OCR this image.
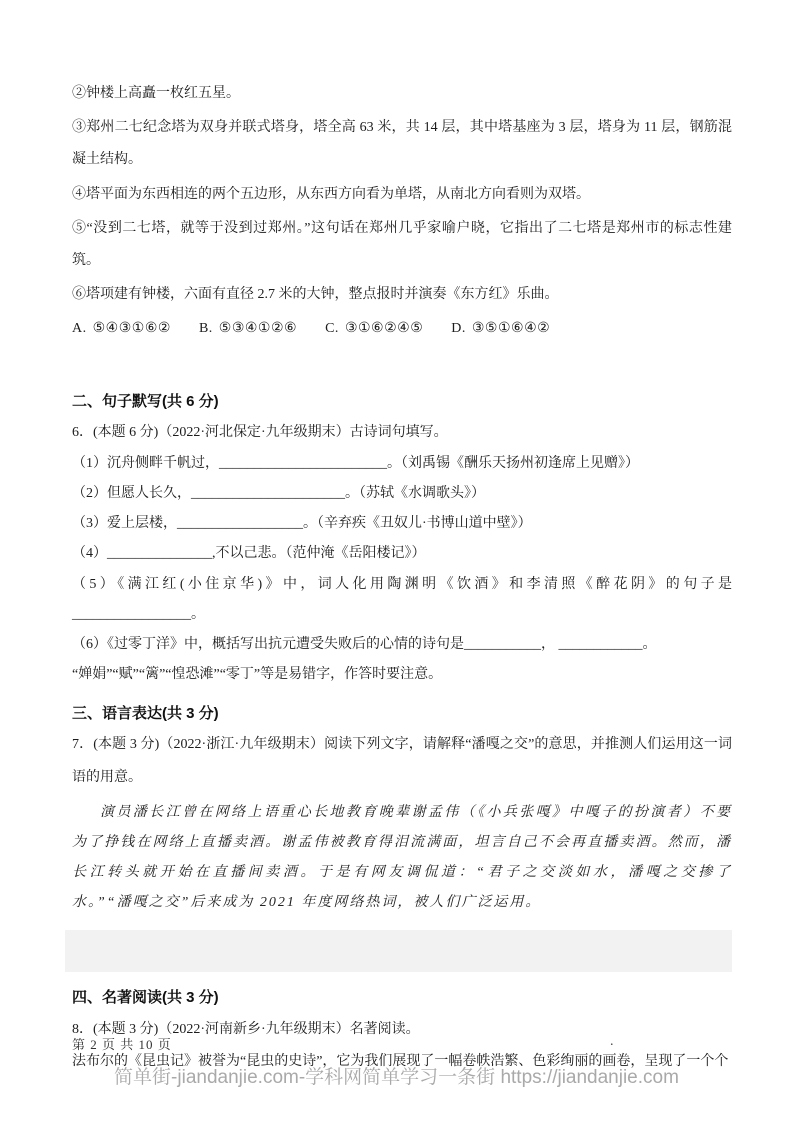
②钟楼上高矗一枚红五星。

③郑州二七纪念塔为双身并联式塔身，塔全高 63 米，共 14 层，其中塔基座为 3 层，塔身为 11 层，钢筋混凝土结构。

④塔平面为东西相连的两个五边形，从东西方向看为单塔，从南北方向看则为双塔。

⑤“没到二七塔，就等于没到过郑州。”这句话在郑州几乎家喻户晓，它指出了二七塔是郑州市的标志性建筑。

⑥塔项建有钟楼，六面有直径 2.7 米的大钟，整点报时并演奏《东方红》乐曲。

A. ⑤④③①⑥② B. ⑤③④①②⑥ C. ③①⑥②④⑤ D. ③⑤①⑥④②

二、句子默写(共 6 分)

6．(本题 6 分)（2022·河北保定·九年级期末）古诗词句填写。

（1）沉舟侧畔千帆过，________________________。（刘禹锡《酬乐天扬州初逢席上见赠》）

（2）但愿人长久，______________________。（苏轼《水调歌头》）

（3）爱上层楼，__________________。（辛弃疾《丑奴儿·书博山道中壁》）

（4）_______________,不以己悲。（范仲淹《岳阳楼记》）

（5）《满江红(小住京华)》中，词人化用陶渊明《饮酒》和李清照《醉花阴》的句子是_________________。

（6）《过零丁洋》中，概括写出抗元遭受失败后的心情的诗句是___________， ____________。

“婵娟”“赋”“篱”“惶恐滩”“零丁”等是易错字，作答时要注意。

三、语言表达(共 3 分)

7．(本题 3 分)（2022·浙江·九年级期末）阅读下列文字，请解释“潘嘎之交”的意思，并推测人们运用这一词语的用意。

演员潘长江曾在网络上语重心长地教育晚辈谢孟伟（《小兵张嘎》中嘎子的扮演者）不要为了挣钱在网络上直播卖酒。谢孟伟被教育得泪流满面，坦言自己不会再直播卖酒。然而，潘长江转头就开始在直播间卖酒。于是有网友调侃道：“君子之交淡如水，潘嘎之交掺了水。”“潘嘎之交”后来成为 2021 年度网络热词，被人们广泛运用。

四、名著阅读(共 3 分)

8．(本题 3 分)（2022·河南新乡·九年级期末）名著阅读。

法布尔的《昆虫记》被誉为“昆虫的史诗”，它为我们展现了一幅卷帙浩繁、色彩绚丽的画卷，呈现了一个个

第 2 页 共 10 页	.
简单街-jiandanjie.com-学科网简单学习一条街 https://jiandanjie.com
